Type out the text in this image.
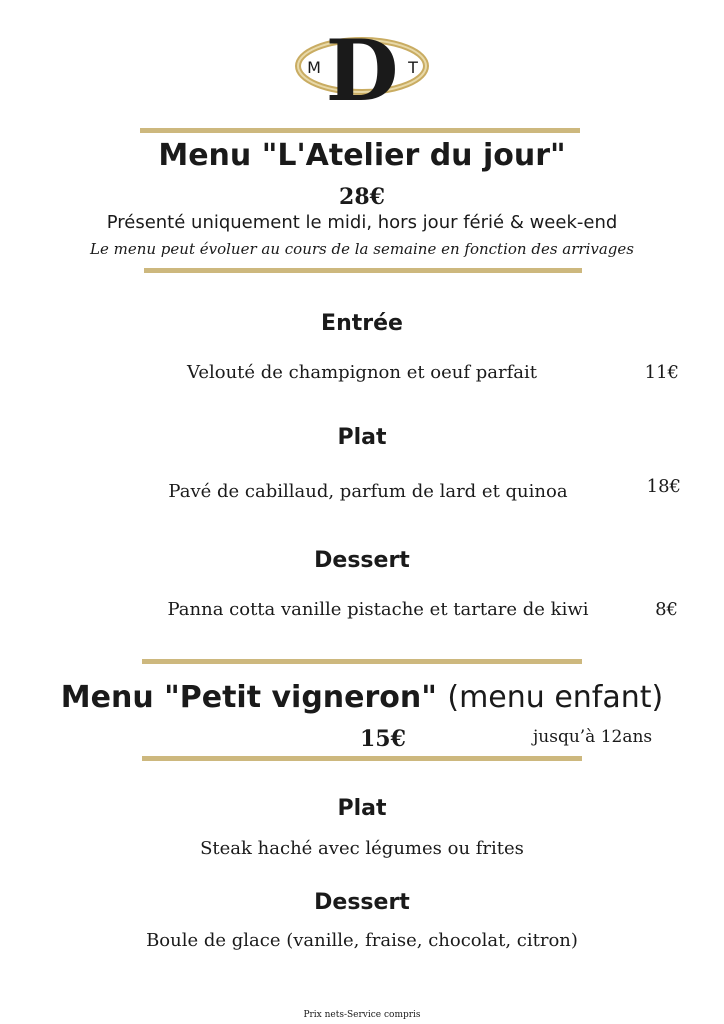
D
M	T
Menu "L'Atelier du jour"
28€
Présenté uniquement le midi, hors jour férié & week-end
Le menu peut évoluer au cours de la semaine en fonction des arrivages
Entrée
Velouté de champignon et oeuf parfait	11€
Plat
Pavé de cabillaud, parfum de lard et quinoa	18€
Dessert
Panna cotta vanille pistache et tartare de kiwi	8€
Menu "Petit vigneron" (menu enfant)
15€	jusqu’à 12ans
Plat
Steak haché avec légumes ou frites
Dessert
Boule de glace (vanille, fraise, chocolat, citron)
Prix nets-Service compris
